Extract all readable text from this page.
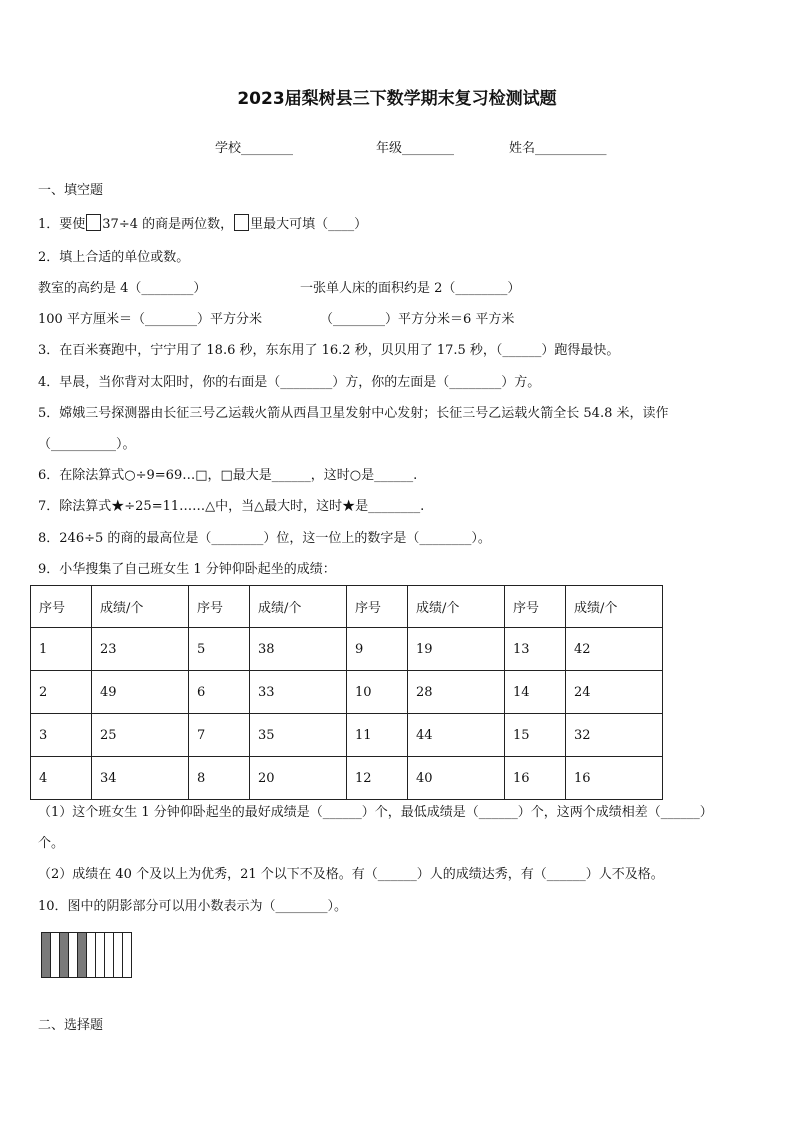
2023届梨树县三下数学期末复习检测试题
学校________	年级________	姓名___________
一、填空题
1．要使 37÷4 的商是两位数， 里最大可填（____）
2．填上合适的单位或数。
教室的高约是 4（________）	一张单人床的面积约是 2（________）
100 平方厘米＝（________）平方分米	（________）平方分米＝6 平方米
3．在百米赛跑中，宁宁用了 18.6 秒，东东用了 16.2 秒，贝贝用了 17.5 秒，（______）跑得最快。
4．早晨，当你背对太阳时，你的右面是（________）方，你的左面是（________）方。
5．嫦娥三号探测器由长征三号乙运载火箭从西昌卫星发射中心发射；长征三号乙运载火箭全长 54.8 米，读作
（__________）。
6．在除法算式○÷9=69…□，□最大是______，这时○是______.
7．除法算式★÷25=11……△中，当△最大时，这时★是________.
8．246÷5 的商的最高位是（________）位，这一位上的数字是（________）。
9．小华搜集了自己班女生 1 分钟仰卧起坐的成绩：
序号	成绩/个	序号	成绩/个	序号	成绩/个	序号	成绩/个
1	23	5	38	9	19	13	42
2	49	6	33	10	28	14	24
3	25	7	35	11	44	15	32
4	34	8	20	12	40	16	16
（1）这个班女生 1 分钟仰卧起坐的最好成绩是（______）个，最低成绩是（______）个，这两个成绩相差（______）
个。
（2）成绩在 40 个及以上为优秀，21 个以下不及格。有（______）人的成绩达秀，有（______）人不及格。
10．图中的阴影部分可以用小数表示为（________）。
二、选择题
